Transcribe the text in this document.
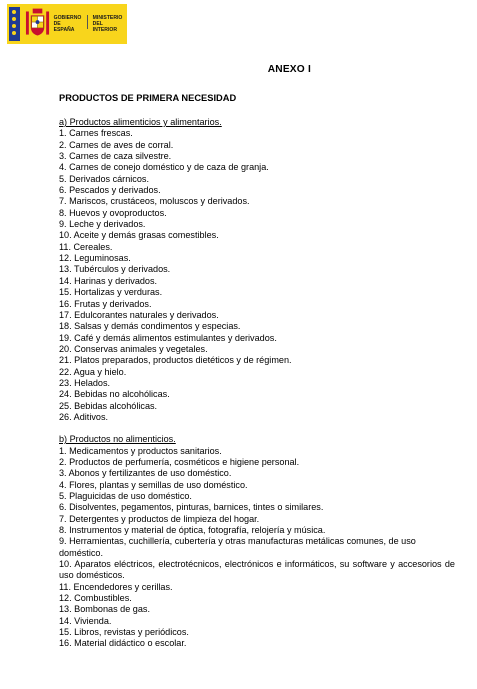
GOBIERNO
DE ESPAÑA
MINISTERIO
DEL INTERIOR
ANEXO I
PRODUCTOS DE PRIMERA NECESIDAD
a) Productos alimenticios y alimentarios.
1. Carnes frescas.
2. Carnes de aves de corral.
3. Carnes de caza silvestre.
4. Carnes de conejo doméstico y de caza de granja.
5. Derivados cárnicos.
6. Pescados y derivados.
7. Mariscos, crustáceos, moluscos y derivados.
8. Huevos y ovoproductos.
9. Leche y derivados.
10. Aceite y demás grasas comestibles.
11. Cereales.
12. Leguminosas.
13. Tubérculos y derivados.
14. Harinas y derivados.
15. Hortalizas y verduras.
16. Frutas y derivados.
17. Edulcorantes naturales y derivados.
18. Salsas y demás condimentos y especias.
19. Café y demás alimentos estimulantes y derivados.
20. Conservas animales y vegetales.
21. Platos preparados, productos dietéticos y de régimen.
22. Agua y hielo.
23. Helados.
24. Bebidas no alcohólicas.
25. Bebidas alcohólicas.
26. Aditivos.
b) Productos no alimenticios.
1. Medicamentos y productos sanitarios.
2. Productos de perfumería, cosméticos e higiene personal.
3. Abonos y fertilizantes de uso doméstico.
4. Flores, plantas y semillas de uso doméstico.
5. Plaguicidas de uso doméstico.
6. Disolventes, pegamentos, pinturas, barnices, tintes o similares.
7. Detergentes y productos de limpieza del hogar.
8. Instrumentos y material de óptica, fotografía, relojería y música.
9. Herramientas, cuchillería, cubertería y otras manufacturas metálicas comunes, de uso doméstico.
10. Aparatos eléctricos, electrotécnicos, electrónicos e informáticos, su software y accesorios de uso domésticos.
11. Encendedores y cerillas.
12. Combustibles.
13. Bombonas de gas.
14. Vivienda.
15. Libros, revistas y periódicos.
16. Material didáctico o escolar.
